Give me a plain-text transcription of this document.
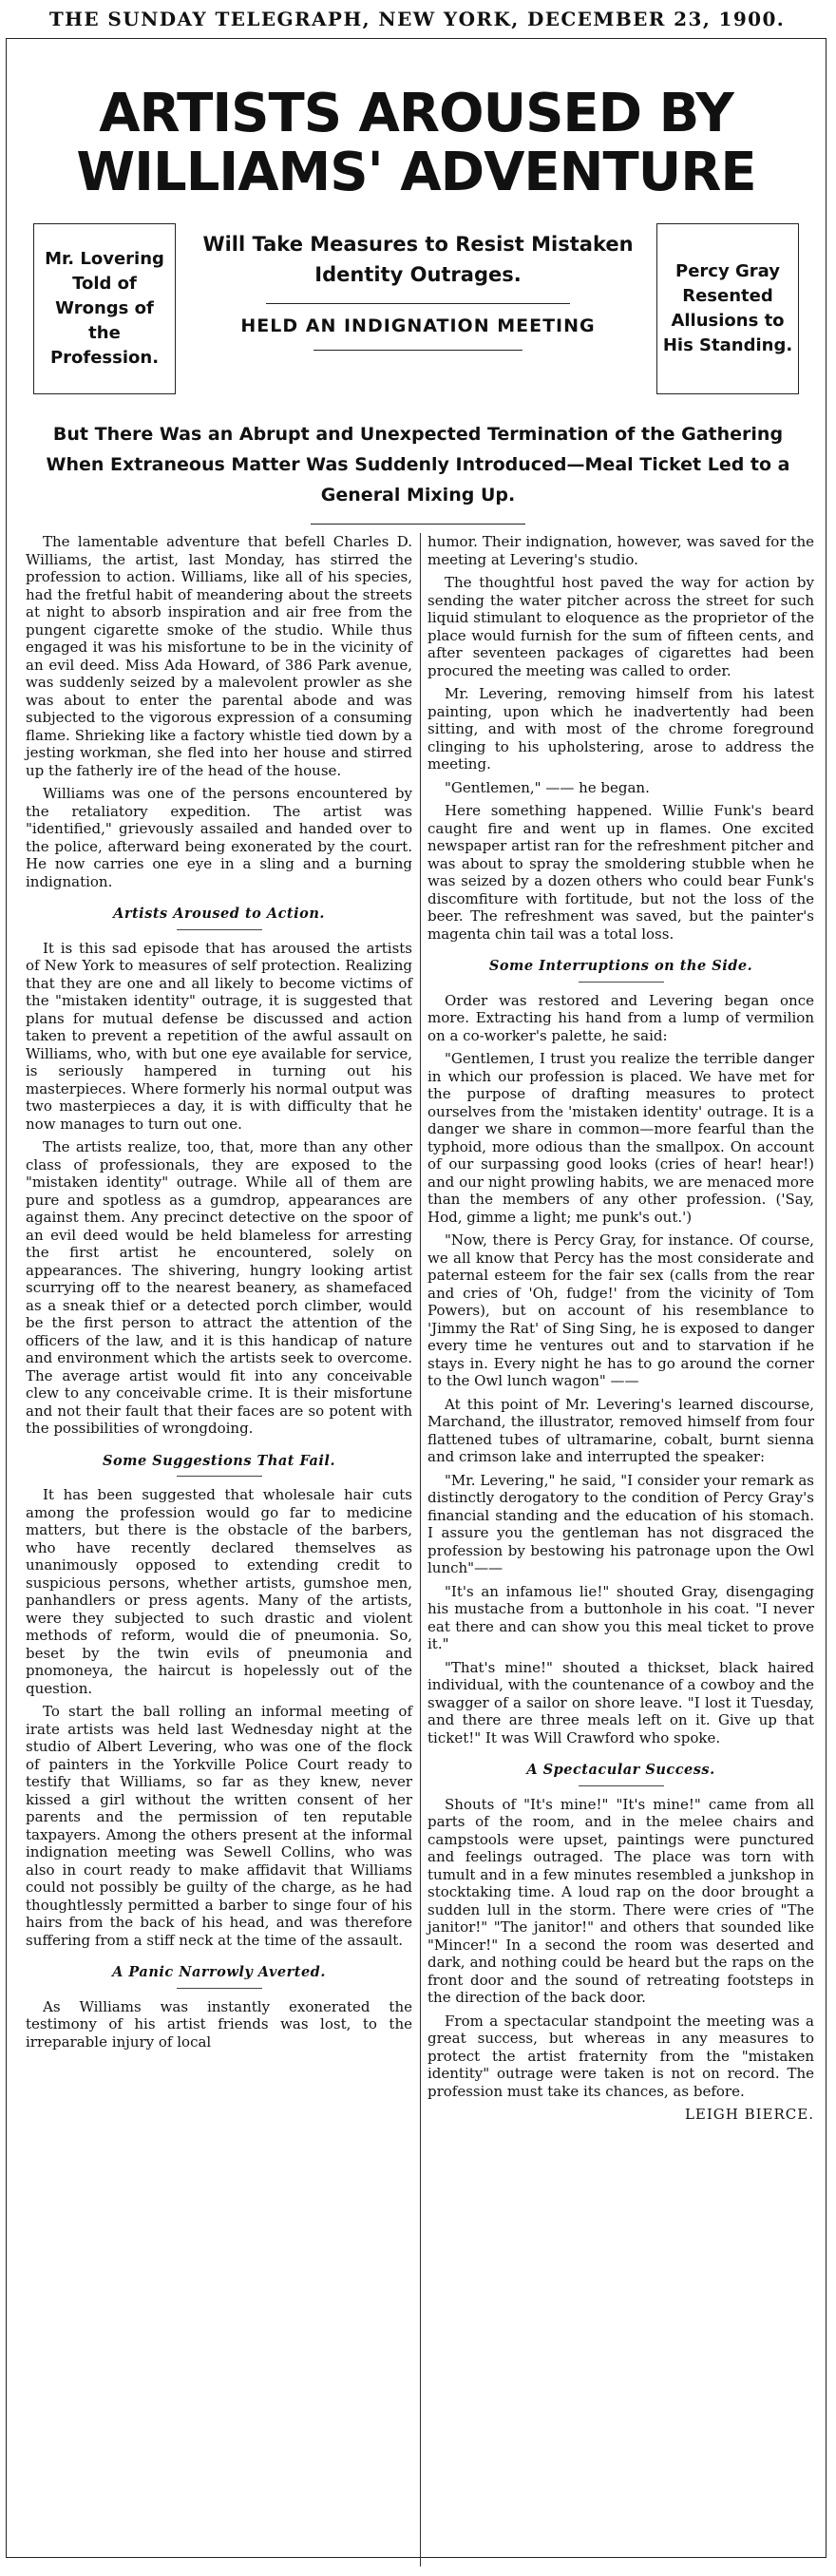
THE SUNDAY TELEGRAPH, NEW YORK, DECEMBER 23, 1900.
ARTISTS AROUSED BY
WILLIAMS' ADVENTURE
Mr. Lovering Told of Wrongs of the Profession.
Will Take Measures to Resist Mistaken Identity Outrages.
HELD AN INDIGNATION MEETING
Percy Gray Resented Allusions to His Standing.
But There Was an Abrupt and Unexpected Termination of the Gathering When Extraneous Matter Was Suddenly Introduced—Meal Ticket Led to a General Mixing Up.

The lamentable adventure that befell Charles D. Williams, the artist, last Monday, has stirred the profession to action. Williams, like all of his species, had the fretful habit of meandering about the streets at night to absorb inspiration and air free from the pungent cigarette smoke of the studio. While thus engaged it was his misfortune to be in the vicinity of an evil deed. Miss Ada Howard, of 386 Park avenue, was suddenly seized by a malevolent prowler as she was about to enter the parental abode and was subjected to the vigorous expression of a consuming flame. Shrieking like a factory whistle tied down by a jesting workman, she fled into her house and stirred up the fatherly ire of the head of the house.

Williams was one of the persons encountered by the retaliatory expedition. The artist was "identified," grievously assailed and handed over to the police, afterward being exonerated by the court. He now carries one eye in a sling and a burning indignation.

Artists Aroused to Action.

It is this sad episode that has aroused the artists of New York to measures of self protection. Realizing that they are one and all likely to become victims of the "mistaken identity" outrage, it is suggested that plans for mutual defense be discussed and action taken to prevent a repetition of the awful assault on Williams, who, with but one eye available for service, is seriously hampered in turning out his masterpieces. Where formerly his normal output was two masterpieces a day, it is with difficulty that he now manages to turn out one.

The artists realize, too, that, more than any other class of professionals, they are exposed to the "mistaken identity" outrage. While all of them are pure and spotless as a gumdrop, appearances are against them. Any precinct detective on the spoor of an evil deed would be held blameless for arresting the first artist he encountered, solely on appearances. The shivering, hungry looking artist scurrying off to the nearest beanery, as shamefaced as a sneak thief or a detected porch climber, would be the first person to attract the attention of the officers of the law, and it is this handicap of nature and environment which the artists seek to overcome. The average artist would fit into any conceivable clew to any conceivable crime. It is their misfortune and not their fault that their faces are so potent with the possibilities of wrongdoing.

Some Suggestions That Fail.

It has been suggested that wholesale hair cuts among the profession would go far to medicine matters, but there is the obstacle of the barbers, who have recently declared themselves as unanimously opposed to extending credit to suspicious persons, whether artists, gumshoe men, panhandlers or press agents. Many of the artists, were they subjected to such drastic and violent methods of reform, would die of pneumonia. So, beset by the twin evils of pneumonia and pnomoneya, the haircut is hopelessly out of the question.

To start the ball rolling an informal meeting of irate artists was held last Wednesday night at the studio of Albert Levering, who was one of the flock of painters in the Yorkville Police Court ready to testify that Williams, so far as they knew, never kissed a girl without the written consent of her parents and the permission of ten reputable taxpayers. Among the others present at the informal indignation meeting was Sewell Collins, who was also in court ready to make affidavit that Williams could not possibly be guilty of the charge, as he had thoughtlessly permitted a barber to singe four of his hairs from the back of his head, and was therefore suffering from a stiff neck at the time of the assault.

A Panic Narrowly Averted.

As Williams was instantly exonerated the testimony of his artist friends was lost, to the irreparable injury of local

humor. Their indignation, however, was saved for the meeting at Levering's studio.

The thoughtful host paved the way for action by sending the water pitcher across the street for such liquid stimulant to eloquence as the proprietor of the place would furnish for the sum of fifteen cents, and after seventeen packages of cigarettes had been procured the meeting was called to order.

Mr. Levering, removing himself from his latest painting, upon which he inadvertently had been sitting, and with most of the chrome foreground clinging to his upholstering, arose to address the meeting.

"Gentlemen," —— he began.

Here something happened. Willie Funk's beard caught fire and went up in flames. One excited newspaper artist ran for the refreshment pitcher and was about to spray the smoldering stubble when he was seized by a dozen others who could bear Funk's discomfiture with fortitude, but not the loss of the beer. The refreshment was saved, but the painter's magenta chin tail was a total loss.

Some Interruptions on the Side.

Order was restored and Levering began once more. Extracting his hand from a lump of vermilion on a co-worker's palette, he said:

"Gentlemen, I trust you realize the terrible danger in which our profession is placed. We have met for the purpose of drafting measures to protect ourselves from the 'mistaken identity' outrage. It is a danger we share in common—more fearful than the typhoid, more odious than the smallpox. On account of our surpassing good looks (cries of hear! hear!) and our night prowling habits, we are menaced more than the members of any other profession. ('Say, Hod, gimme a light; me punk's out.')

"Now, there is Percy Gray, for instance. Of course, we all know that Percy has the most considerate and paternal esteem for the fair sex (calls from the rear and cries of 'Oh, fudge!' from the vicinity of Tom Powers), but on account of his resemblance to 'Jimmy the Rat' of Sing Sing, he is exposed to danger every time he ventures out and to starvation if he stays in. Every night he has to go around the corner to the Owl lunch wagon" ——

At this point of Mr. Levering's learned discourse, Marchand, the illustrator, removed himself from four flattened tubes of ultramarine, cobalt, burnt sienna and crimson lake and interrupted the speaker:

"Mr. Levering," he said, "I consider your remark as distinctly derogatory to the condition of Percy Gray's financial standing and the education of his stomach. I assure you the gentleman has not disgraced the profession by bestowing his patronage upon the Owl lunch"——

"It's an infamous lie!" shouted Gray, disengaging his mustache from a buttonhole in his coat. "I never eat there and can show you this meal ticket to prove it."

"That's mine!" shouted a thickset, black haired individual, with the countenance of a cowboy and the swagger of a sailor on shore leave. "I lost it Tuesday, and there are three meals left on it. Give up that ticket!" It was Will Crawford who spoke.

A Spectacular Success.

Shouts of "It's mine!" "It's mine!" came from all parts of the room, and in the melee chairs and campstools were upset, paintings were punctured and feelings outraged. The place was torn with tumult and in a few minutes resembled a junkshop in stocktaking time. A loud rap on the door brought a sudden lull in the storm. There were cries of "The janitor!" "The janitor!" and others that sounded like "Mincer!" In a second the room was deserted and dark, and nothing could be heard but the raps on the front door and the sound of retreating footsteps in the direction of the back door.

From a spectacular standpoint the meeting was a great success, but whereas in any measures to protect the artist fraternity from the "mistaken identity" outrage were taken is not on record. The profession must take its chances, as before.

LEIGH BIERCE.
